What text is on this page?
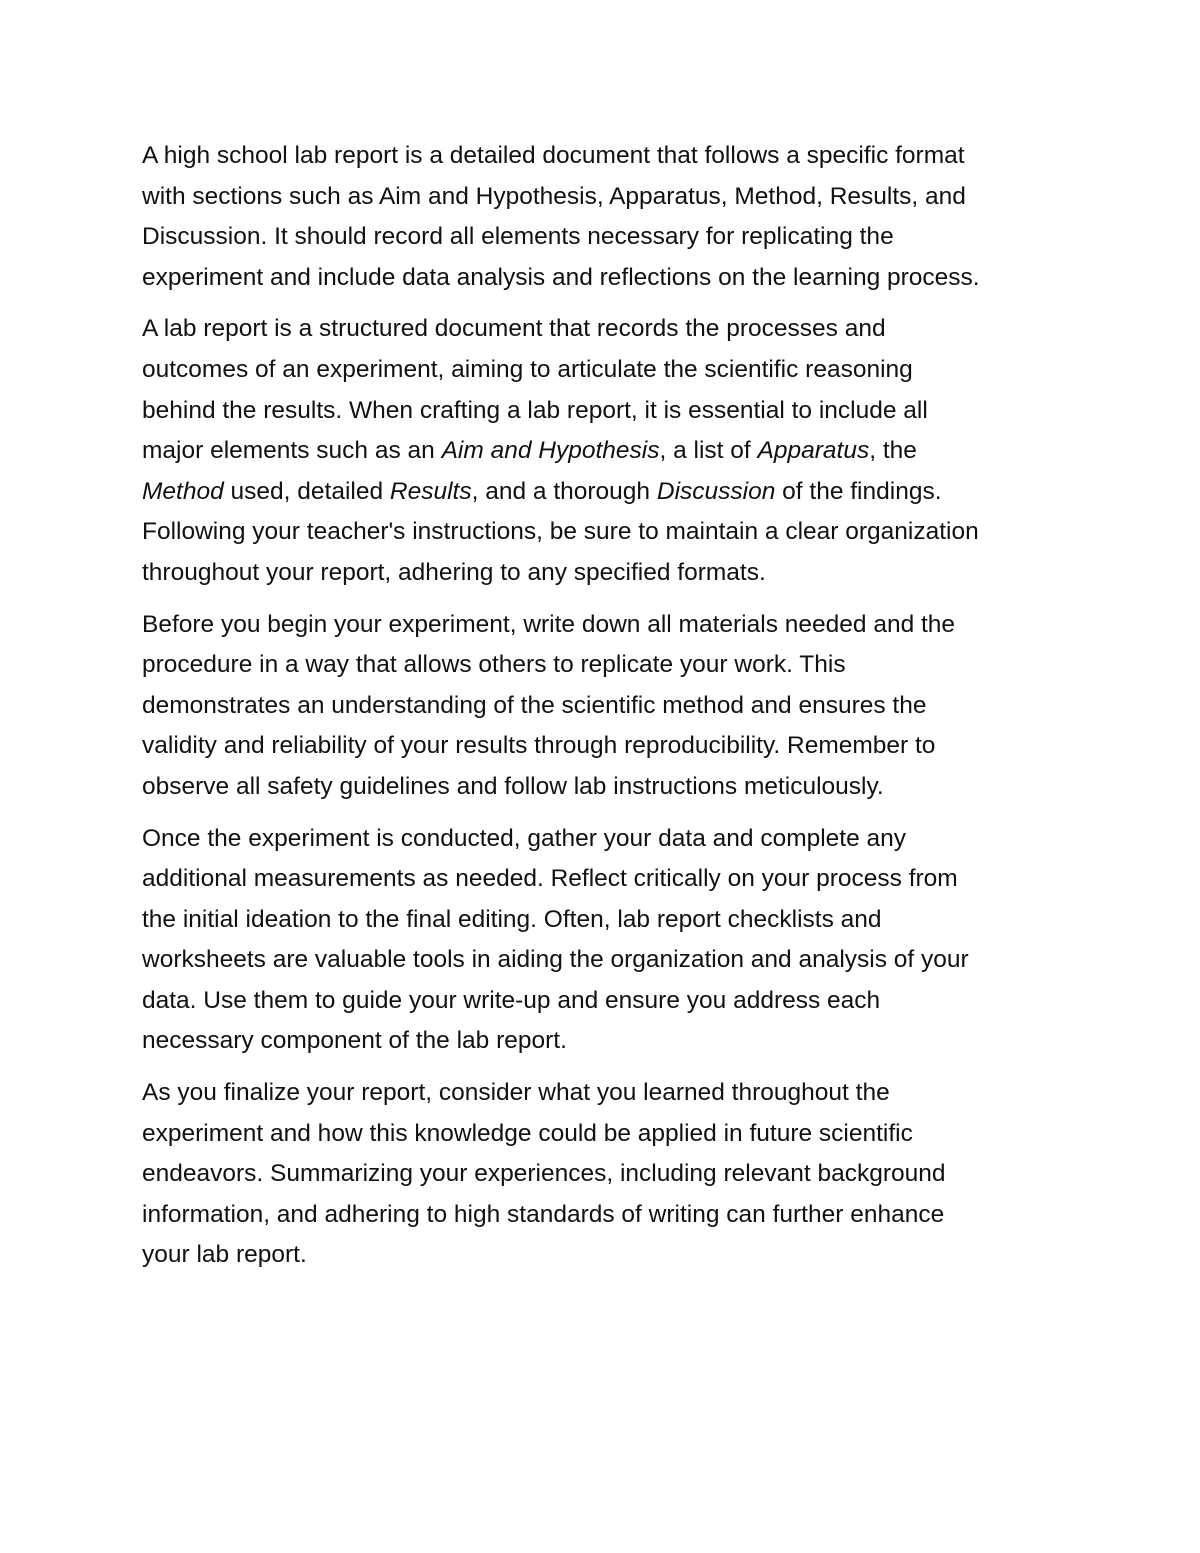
A high school lab report is a detailed document that follows a specific format
with sections such as Aim and Hypothesis, Apparatus, Method, Results, and
Discussion. It should record all elements necessary for replicating the
experiment and include data analysis and reflections on the learning process.

A lab report is a structured document that records the processes and
outcomes of an experiment, aiming to articulate the scientific reasoning
behind the results. When crafting a lab report, it is essential to include all
major elements such as an Aim and Hypothesis, a list of Apparatus, the
Method used, detailed Results, and a thorough Discussion of the findings.
Following your teacher's instructions, be sure to maintain a clear organization
throughout your report, adhering to any specified formats.

Before you begin your experiment, write down all materials needed and the
procedure in a way that allows others to replicate your work. This
demonstrates an understanding of the scientific method and ensures the
validity and reliability of your results through reproducibility. Remember to
observe all safety guidelines and follow lab instructions meticulously.

Once the experiment is conducted, gather your data and complete any
additional measurements as needed. Reflect critically on your process from
the initial ideation to the final editing. Often, lab report checklists and
worksheets are valuable tools in aiding the organization and analysis of your
data. Use them to guide your write-up and ensure you address each
necessary component of the lab report.

As you finalize your report, consider what you learned throughout the
experiment and how this knowledge could be applied in future scientific
endeavors. Summarizing your experiences, including relevant background
information, and adhering to high standards of writing can further enhance
your lab report.
